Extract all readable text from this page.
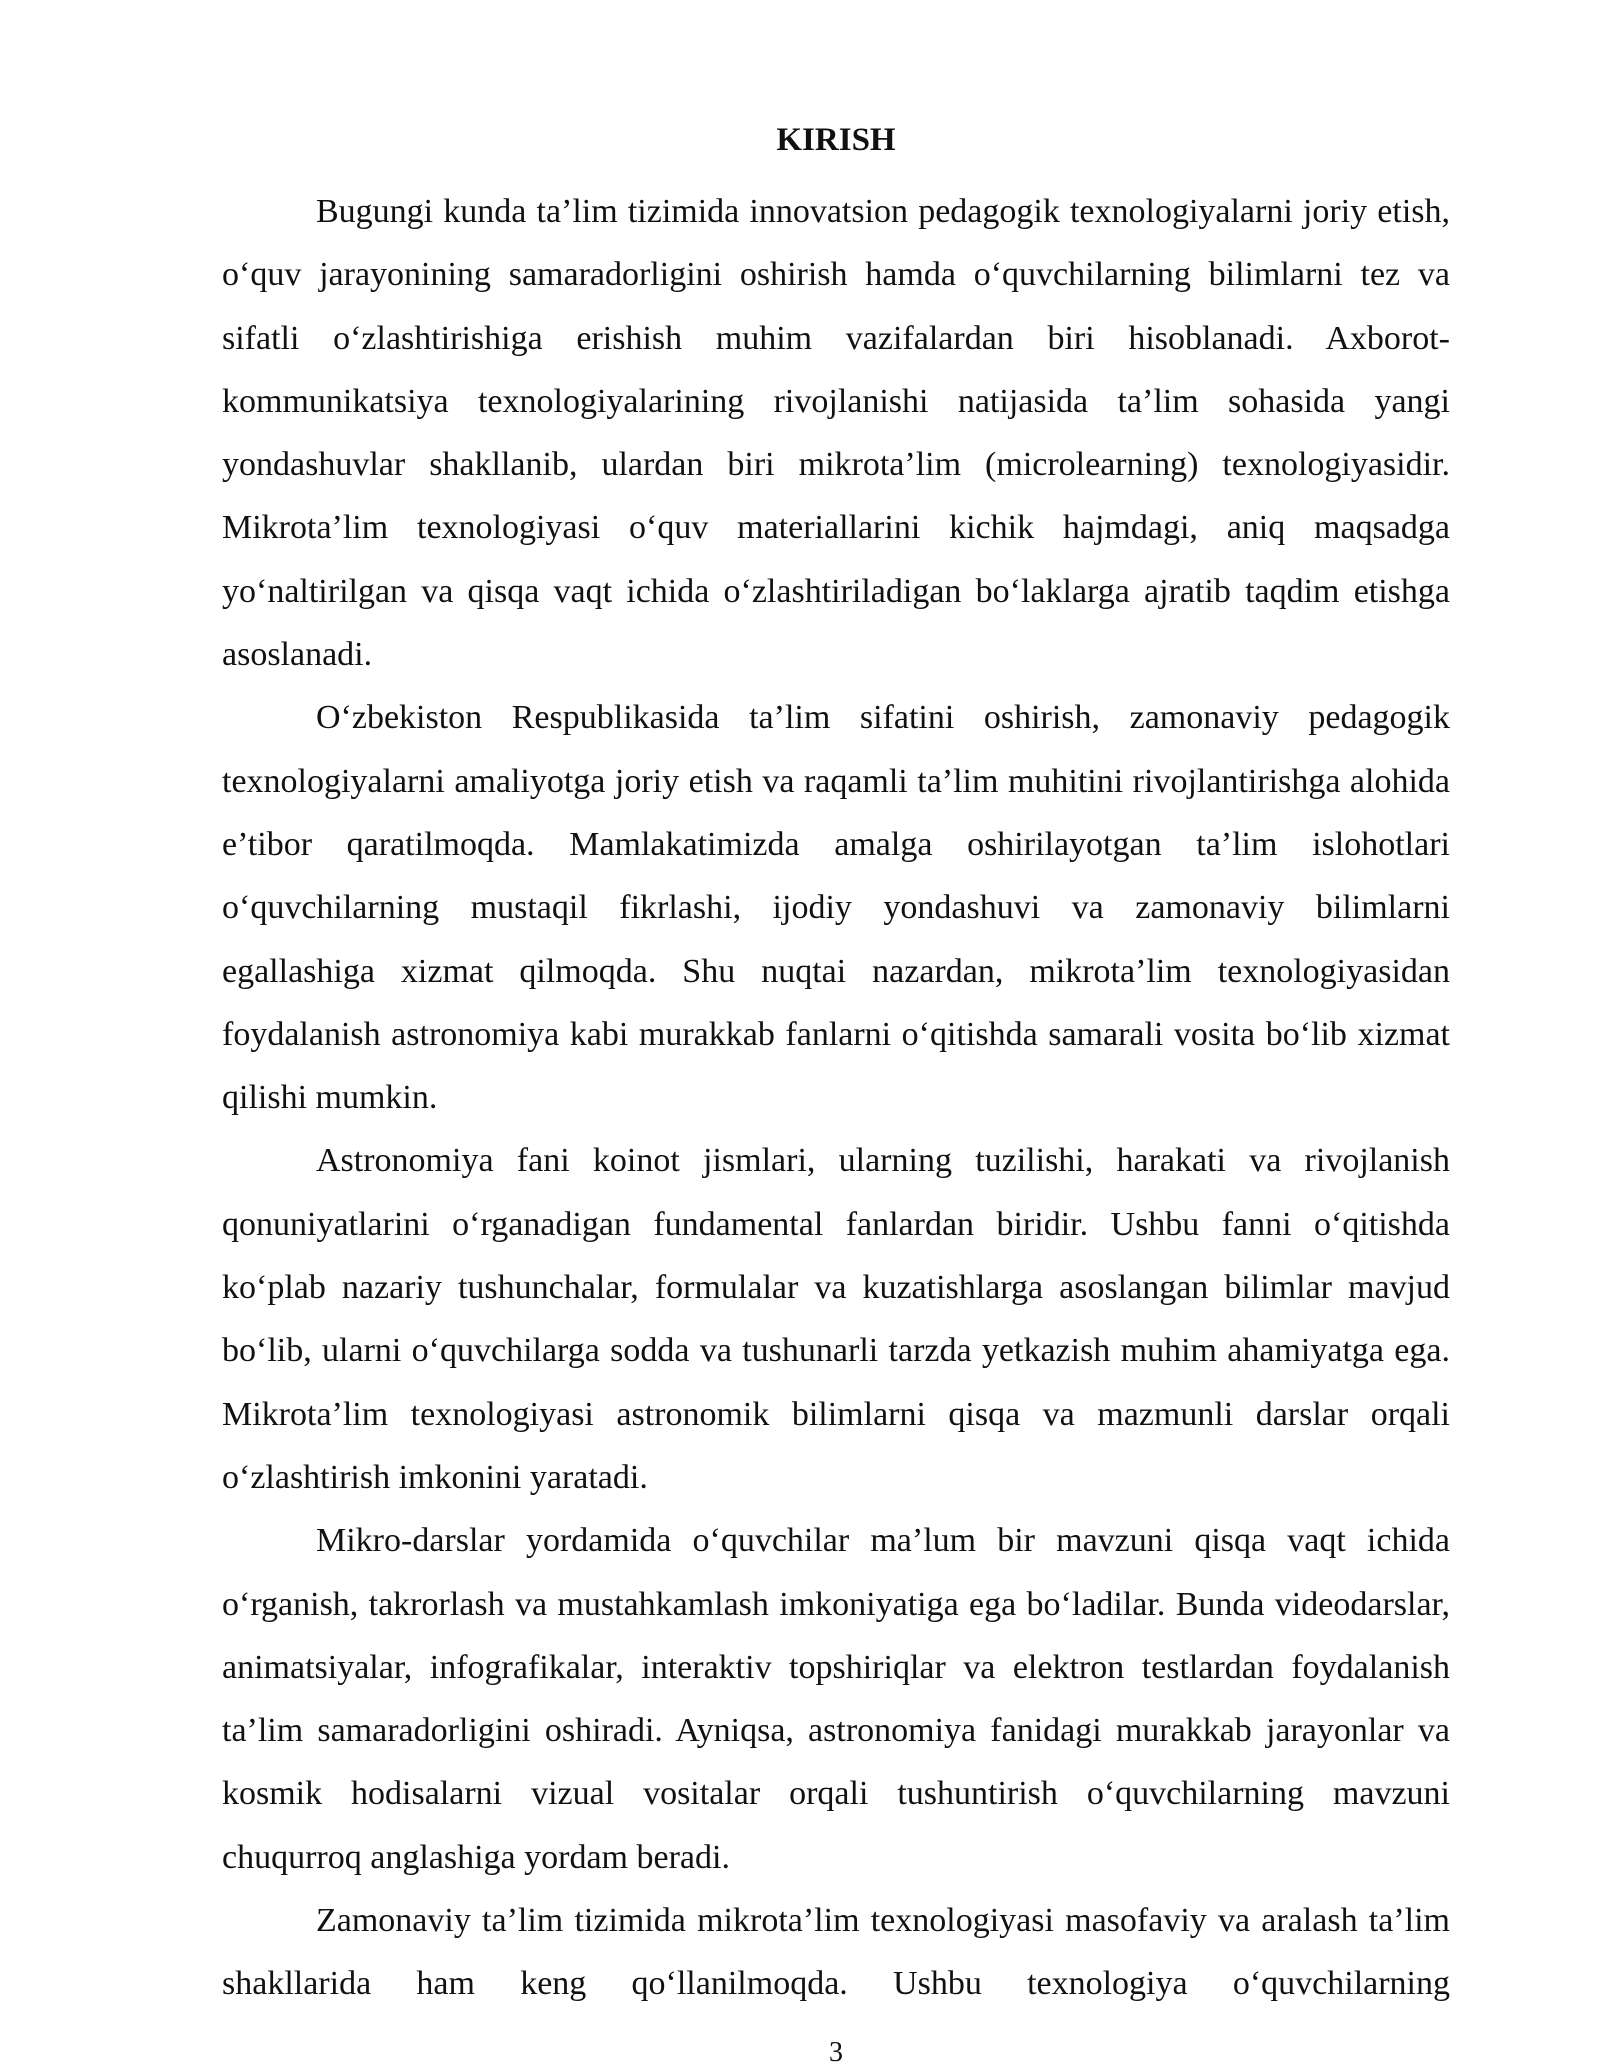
KIRISH

Bugungi kunda ta’lim tizimida innovatsion pedagogik texnologiyalarni joriy etish, o‘quv jarayonining samaradorligini oshirish hamda o‘quvchilarning bilimlarni tez va sifatli o‘zlashtirishiga erishish muhim vazifalardan biri hisoblanadi. Axborot-kommunikatsiya texnologiyalarining rivojlanishi natijasida ta’lim sohasida yangi yondashuvlar shakllanib, ulardan biri mikrota’lim (microlearning) texnologiyasidir. Mikrota’lim texnologiyasi o‘quv materiallarini kichik hajmdagi, aniq maqsadga yo‘naltirilgan va qisqa vaqt ichida o‘zlashtiriladigan bo‘laklarga ajratib taqdim etishga asoslanadi.

O‘zbekiston Respublikasida ta’lim sifatini oshirish, zamonaviy pedagogik texnologiyalarni amaliyotga joriy etish va raqamli ta’lim muhitini rivojlantirishga alohida e’tibor qaratilmoqda. Mamlakatimizda amalga oshirilayotgan ta’lim islohotlari o‘quvchilarning mustaqil fikrlashi, ijodiy yondashuvi va zamonaviy bilimlarni egallashiga xizmat qilmoqda. Shu nuqtai nazardan, mikrota’lim texnologiyasidan foydalanish astronomiya kabi murakkab fanlarni o‘qitishda samarali vosita bo‘lib xizmat qilishi mumkin.

Astronomiya fani koinot jismlari, ularning tuzilishi, harakati va rivojlanish qonuniyatlarini o‘rganadigan fundamental fanlardan biridir. Ushbu fanni o‘qitishda ko‘plab nazariy tushunchalar, formulalar va kuzatishlarga asoslangan bilimlar mavjud bo‘lib, ularni o‘quvchilarga sodda va tushunarli tarzda yetkazish muhim ahamiyatga ega. Mikrota’lim texnologiyasi astronomik bilimlarni qisqa va mazmunli darslar orqali o‘zlashtirish imkonini yaratadi.

Mikro-darslar yordamida o‘quvchilar ma’lum bir mavzuni qisqa vaqt ichida o‘rganish, takrorlash va mustahkamlash imkoniyatiga ega bo‘ladilar. Bunda videodarslar, animatsiyalar, infografikalar, interaktiv topshiriqlar va elektron testlardan foydalanish ta’lim samaradorligini oshiradi. Ayniqsa, astronomiya fanidagi murakkab jarayonlar va kosmik hodisalarni vizual vositalar orqali tushuntirish o‘quvchilarning mavzuni chuqurroq anglashiga yordam beradi.

Zamonaviy ta’lim tizimida mikrota’lim texnologiyasi masofaviy va aralash ta’lim shakllarida ham keng qo‘llanilmoqda. Ushbu texnologiya o‘quvchilarning

3
